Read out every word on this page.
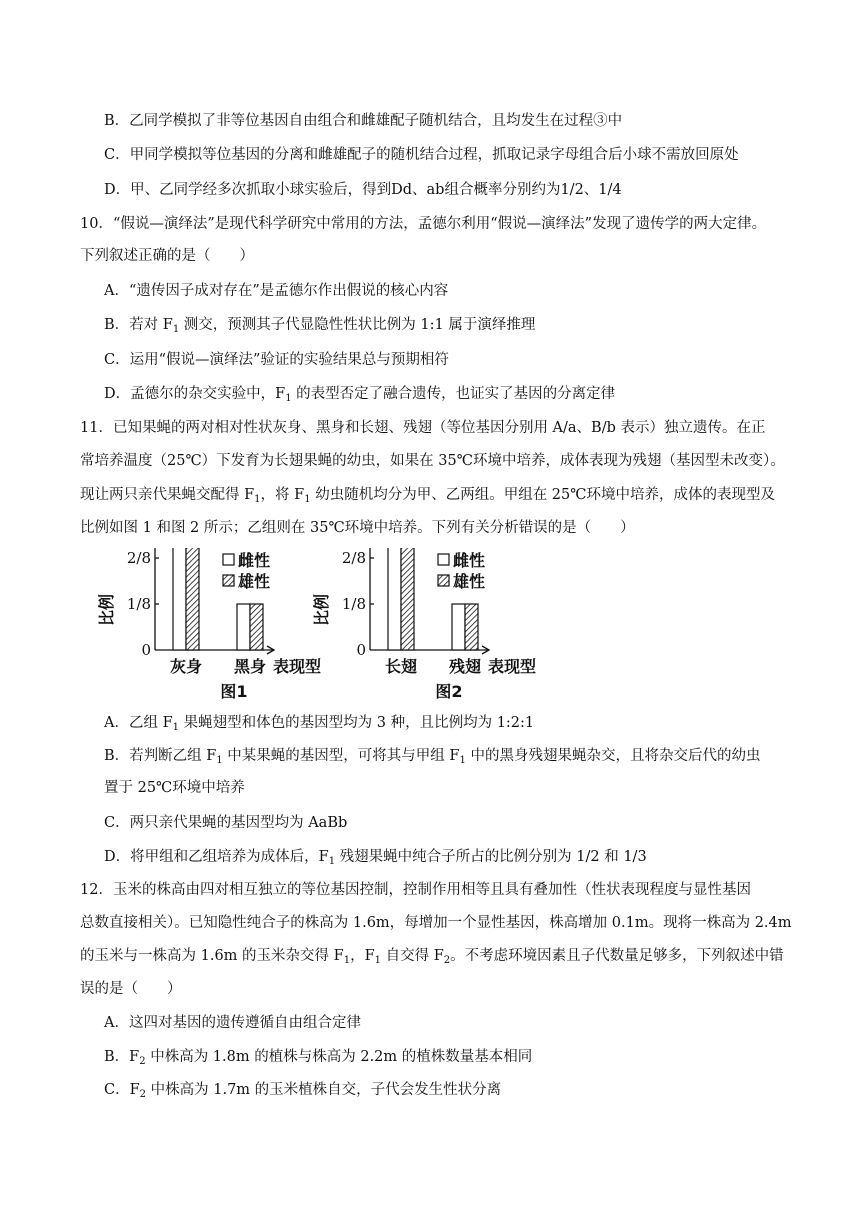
B．乙同学模拟了非等位基因自由组合和雌雄配子随机结合，且均发生在过程③中
C．甲同学模拟等位基因的分离和雌雄配子的随机结合过程，抓取记录字母组合后小球不需放回原处
D．甲、乙同学经多次抓取小球实验后，得到Dd、ab组合概率分别约为1/2、1/4
10．“假说—演绎法”是现代科学研究中常用的方法，孟德尔利用“假说—演绎法”发现了遗传学的两大定律。
下列叙述正确的是（　　）
A．“遗传因子成对存在”是孟德尔作出假说的核心内容
B．若对 $F_1$ 测交，预测其子代显隐性性状比例为 1:1 属于演绎推理
C．运用“假说—演绎法”验证的实验结果总与预期相符
D．孟德尔的杂交实验中，$F_1$ 的表型否定了融合遗传，也证实了基因的分离定律
11．已知果蝇的两对相对性状灰身、黑身和长翅、残翅（等位基因分别用 A/a、B/b 表示）独立遗传。在正
常培养温度（25℃）下发育为长翅果蝇的幼虫，如果在 35℃环境中培养，成体表现为残翅（基因型未改变）。
现让两只亲代果蝇交配得 $F_1$，将 $F_1$ 幼虫随机均分为甲、乙两组。甲组在 25℃环境中培养，成体的表现型及
比例如图 1 和图 2 所示；乙组则在 35℃环境中培养。下列有关分析错误的是（　　）
比例
0
1/8
2/8
灰身 黑身 表现型
雌性
雄性
图1
比例
0
1/8
2/8
长翅 残翅 表现型
雌性
雄性
图2
A．乙组 $F_1$ 果蝇翅型和体色的基因型均为 3 种，且比例均为 1:2:1
B．若判断乙组 $F_1$ 中某果蝇的基因型，可将其与甲组 $F_1$ 中的黑身残翅果蝇杂交，且将杂交后代的幼虫
置于 25℃环境中培养
C．两只亲代果蝇的基因型均为 AaBb
D．将甲组和乙组培养为成体后，$F_1$ 残翅果蝇中纯合子所占的比例分别为 1/2 和 1/3
12．玉米的株高由四对相互独立的等位基因控制，控制作用相等且具有叠加性（性状表现程度与显性基因
总数直接相关）。已知隐性纯合子的株高为 1.6m，每增加一个显性基因，株高增加 0.1m。现将一株高为 2.4m
的玉米与一株高为 1.6m 的玉米杂交得 $F_1$，$F_1$ 自交得 $F_2$。不考虑环境因素且子代数量足够多，下列叙述中错
误的是（　　）
A．这四对基因的遗传遵循自由组合定律
B．$F_2$ 中株高为 1.8m 的植株与株高为 2.2m 的植株数量基本相同
C．$F_2$ 中株高为 1.7m 的玉米植株自交，子代会发生性状分离
